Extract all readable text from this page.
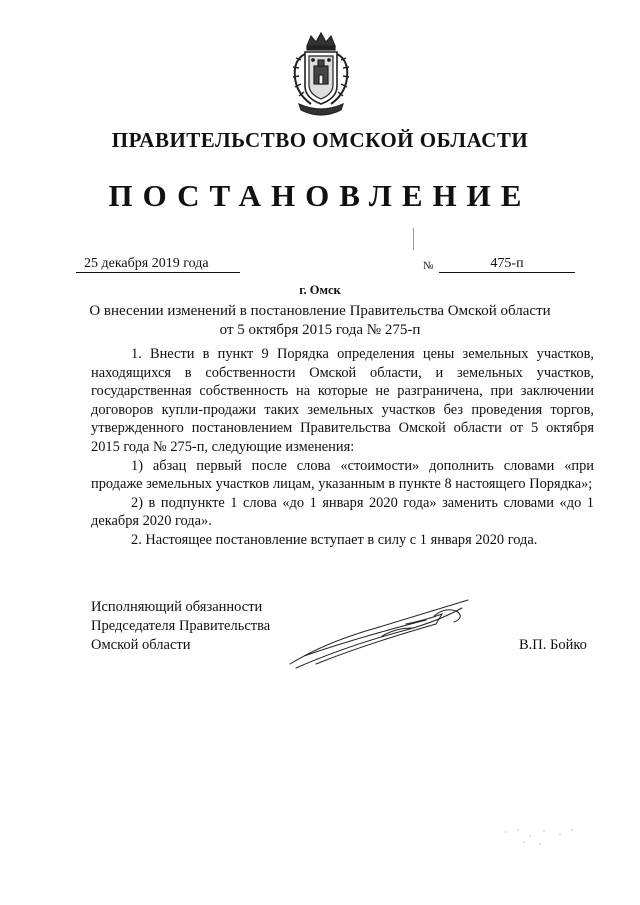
ПРАВИТЕЛЬСТВО ОМСКОЙ ОБЛАСТИ
ПОСТАНОВЛЕНИЕ
25 декабря 2019 года	№	475-п
г. Омск
О внесении изменений в постановление Правительства Омской области
от 5 октября 2015 года № 275-п

1. Внести в пункт 9 Порядка определения цены земельных участков, находящихся в собственности Омской области, и земельных участков, государственная собственность на которые не разграничена, при заключении договоров купли-продажи таких земельных участков без проведения торгов, утвержденного постановлением Правительства Омской области от 5 октября 2015 года № 275-п, следующие изменения:

1) абзац первый после слова «стоимости» дополнить словами «при продаже земельных участков лицам, указанным в пункте 8 настоящего Порядка»;

2) в подпункте 1 слова «до 1 января 2020 года» заменить словами «до 1 декабря 2020 года».

2. Настоящее постановление вступает в силу с 1 января 2020 года.

Исполняющий обязанности
Председателя Правительства
Омской области	В.П. Бойко
